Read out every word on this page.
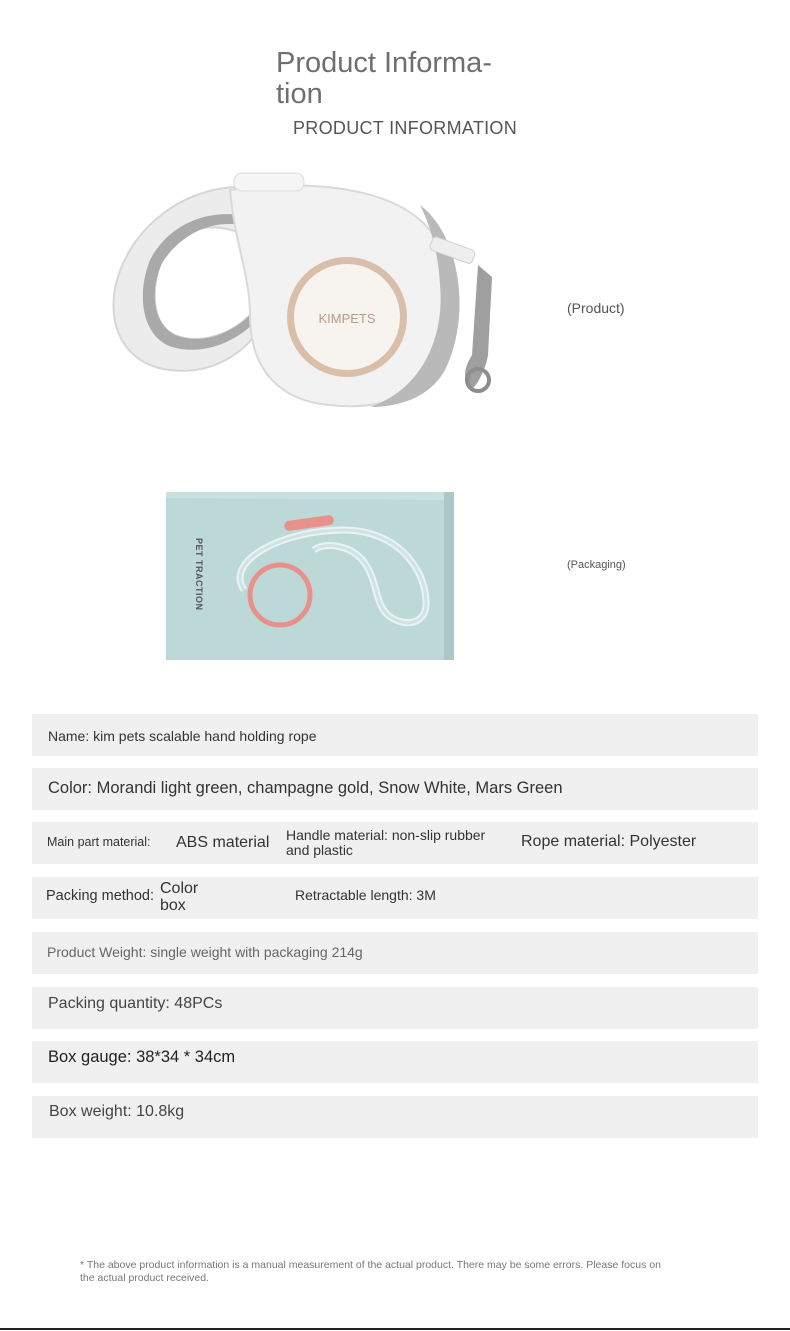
Product Informa- tion
PRODUCT INFORMATION
KIMPETS
(Product)
PET TRACTION	(Packaging)
Name: kim pets scalable hand holding rope
Color: Morandi light green, champagne gold, Snow White, Mars Green
Main part material: ABS material Handle material: non-slip rubber
and plastic	Rope material: Polyester
Packing method: Color
box
Retractable length: 3M
Product Weight: single weight with packaging 214g
Packing quantity: 48PCs
Box gauge: 38*34 * 34cm
Box weight: 10.8kg
* The above product information is a manual measurement of the actual product. There may be some errors. Please focus on
the actual product received.
